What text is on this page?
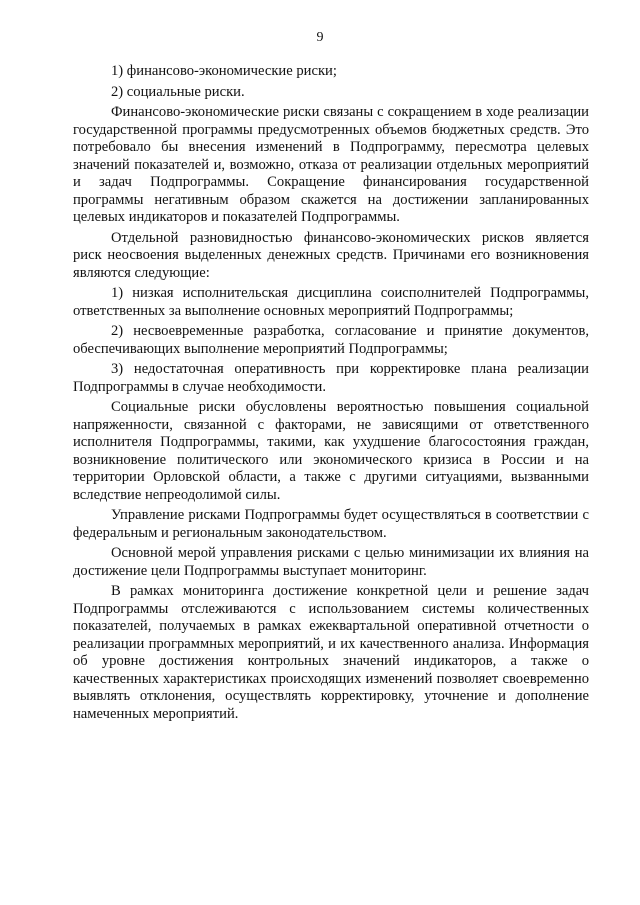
9

1) финансово-экономические риски;

2) социальные риски.

Финансово-экономические риски связаны с сокращением в ходе реализации государственной программы предусмотренных объемов бюджетных средств. Это потребовало бы внесения изменений в Подпрограмму, пересмотра целевых значений показателей и, возможно, отказа от реализации отдельных мероприятий и задач Подпрограммы. Сокращение финансирования государственной программы негативным образом скажется на достижении запланированных целевых индикаторов и показателей Подпрограммы.

Отдельной разновидностью финансово-экономических рисков является риск неосвоения выделенных денежных средств. Причинами его возникновения являются следующие:

1) низкая исполнительская дисциплина соисполнителей Подпрограммы, ответственных за выполнение основных мероприятий Подпрограммы;

2) несвоевременные разработка, согласование и принятие документов, обеспечивающих выполнение мероприятий Подпрограммы;

3) недостаточная оперативность при корректировке плана реализации Подпрограммы в случае необходимости.

Социальные риски обусловлены вероятностью повышения социальной напряженности, связанной с факторами, не зависящими от ответственного исполнителя Подпрограммы, такими, как ухудшение благосостояния граждан, возникновение политического или экономического кризиса в России и на территории Орловской области, а также с другими ситуациями, вызванными вследствие непреодолимой силы.

Управление рисками Подпрограммы будет осуществляться в соответствии с федеральным и региональным законодательством.

Основной мерой управления рисками с целью минимизации их влияния на достижение цели Подпрограммы выступает мониторинг.

В рамках мониторинга достижение конкретной цели и решение задач Подпрограммы отслеживаются с использованием системы количественных показателей, получаемых в рамках ежеквартальной оперативной отчетности о реализации программных мероприятий, и их качественного анализа. Информация об уровне достижения контрольных значений индикаторов, а также о качественных характеристиках происходящих изменений позволяет своевременно выявлять отклонения, осуществлять корректировку, уточнение и дополнение намеченных мероприятий.
